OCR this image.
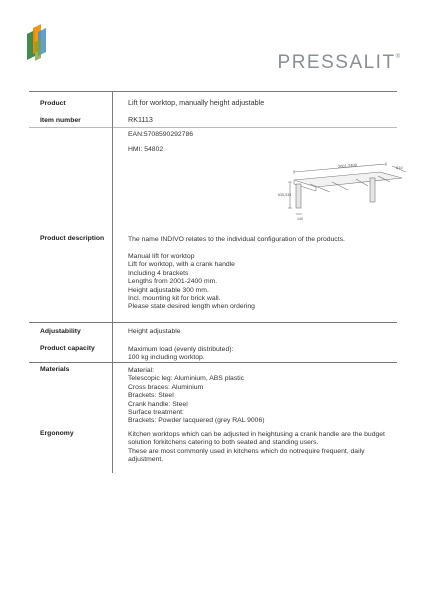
PRESSALIT®
Product	Lift for worktop, manually height adjustable
Item number	RK1113
EAN:5708590292786
HMI: 54802
2001-2400	510
635-935
140
Product description	The name INDIVO relates to the individual configuration of the products.
Manual lift for worktop
Lift for worktop, with a crank handle
Including 4 brackets
Lengths from 2001-2400 mm.
Height adjustable 300 mm.
Incl. mounting kit for brick wall.
Please state desired length when ordering
Adjustability	Height adjustable
Product capacity	Maximum load (evenly distributed):
100 kg including worktop.
Materials	Material:
Telescopic leg: Aluminium, ABS plastic
Cross braces: Aluminium
Brackets: Steel
Crank handle: Steel
Surface treatment:
Brackets: Powder lacquered (grey RAL 9006)
Ergonomy	Kitchen worktops which can be adjusted in heightusing a crank handle are the budget
solution forkitchens catering to both seated and standing users.
These are most commonly used in kitchens which do notrequire frequent, daily
adjustment.
